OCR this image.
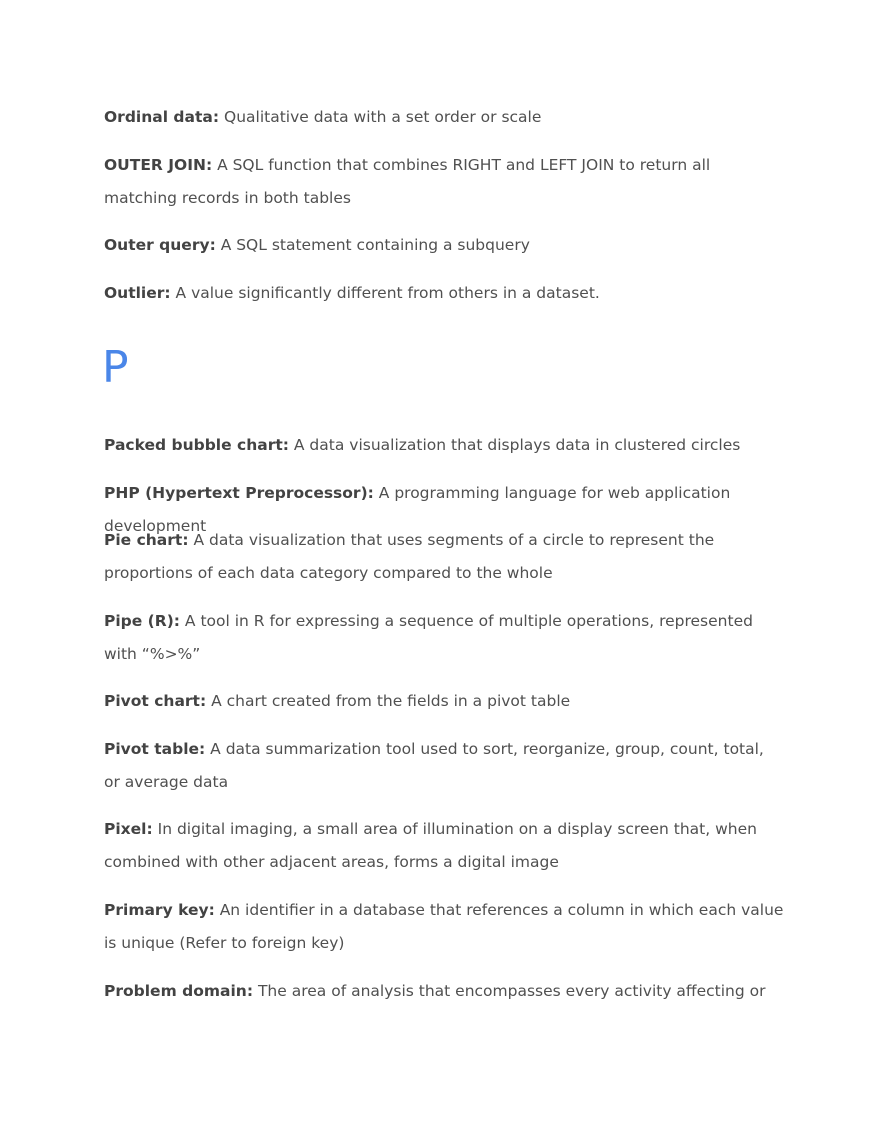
Ordinal data: Qualitative data with a set order or scale

OUTER JOIN: A SQL function that combines RIGHT and LEFT JOIN to return all matching records in both tables

Outer query: A SQL statement containing a subquery

Outlier: A value significantly different from others in a dataset.

P

Packed bubble chart: A data visualization that displays data in clustered circles

PHP (Hypertext Preprocessor): A programming language for web application development

Pie chart: A data visualization that uses segments of a circle to represent the proportions of each data category compared to the whole

Pipe (R): A tool in R for expressing a sequence of multiple operations, represented with “%>%”

Pivot chart: A chart created from the fields in a pivot table

Pivot table: A data summarization tool used to sort, reorganize, group, count, total, or average data

Pixel: In digital imaging, a small area of illumination on a display screen that, when combined with other adjacent areas, forms a digital image

Primary key: An identifier in a database that references a column in which each value is unique (Refer to foreign key)

Problem domain: The area of analysis that encompasses every activity affecting or
